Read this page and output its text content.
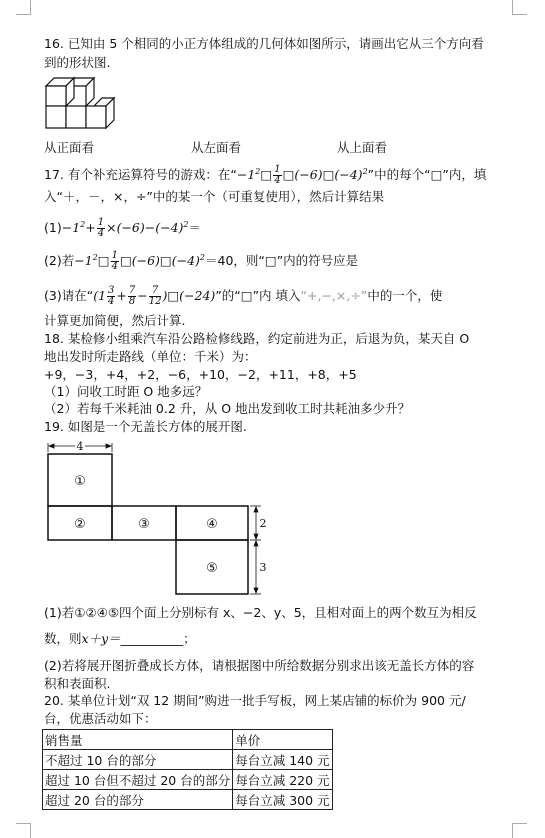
16. 已知由 5 个相同的小正方体组成的几何体如图所示，请画出它从三个方向看
到的形状图.
从正面看	从左面看	从上面看
17. 有个补充运算符号的游戏：在“$-1^2□ \frac{1}{4}$ $□(-6)□(-4)^2$”中的每个“□”内，填
入“＋，－，×，÷”中的某一个（可重复使用），然后计算结果
$(1)-1^2+ \frac{1}{4} \times(-6)-(-4)^2=$
(2)若$-1^2□ \frac{1}{4}$ $□(-6)□(-4)^2=40$，则“□”内的符号应是
(3)请在“($1 \frac{3}{4} + \frac{7}{8} - \frac{7}{12}$ )□(−24)”的“□”内 填入“+,−,×,÷”中的一个，使
计算更加简便，然后计算.
18. 某检修小组乘汽车沿公路检修线路，约定前进为正，后退为负，某天自 O
地出发时所走路线（单位：千米）为：
+9，−3，+4，+2，−6，+10，−2，+11，+8，+5
（1）问收工时距 O 地多远？
（2）若每千米耗油 0.2 升，从 O 地出发到收工时共耗油多少升？
19. 如图是一个无盖长方体的展开图.
4
2
3
①
②	③	④
⑤
(1)若①②④⑤四个面上分别标有 x、−2、y、5，且相对面上的两个数互为相反
数，则x＋y＝__________；
(2)若将展开图折叠成长方体，请根据图中所给数据分别求出该无盖长方体的容
积和表面积.
20. 某单位计划“双 12 期间”购进一批手写板，网上某店铺的标价为 900 元/
台，优惠活动如下：
销售量	单价
不超过 10 台的部分	每台立减 140 元
超过 10 台但不超过 20 台的部分	每台立减 220 元
超过 20 台的部分	每台立减 300 元
